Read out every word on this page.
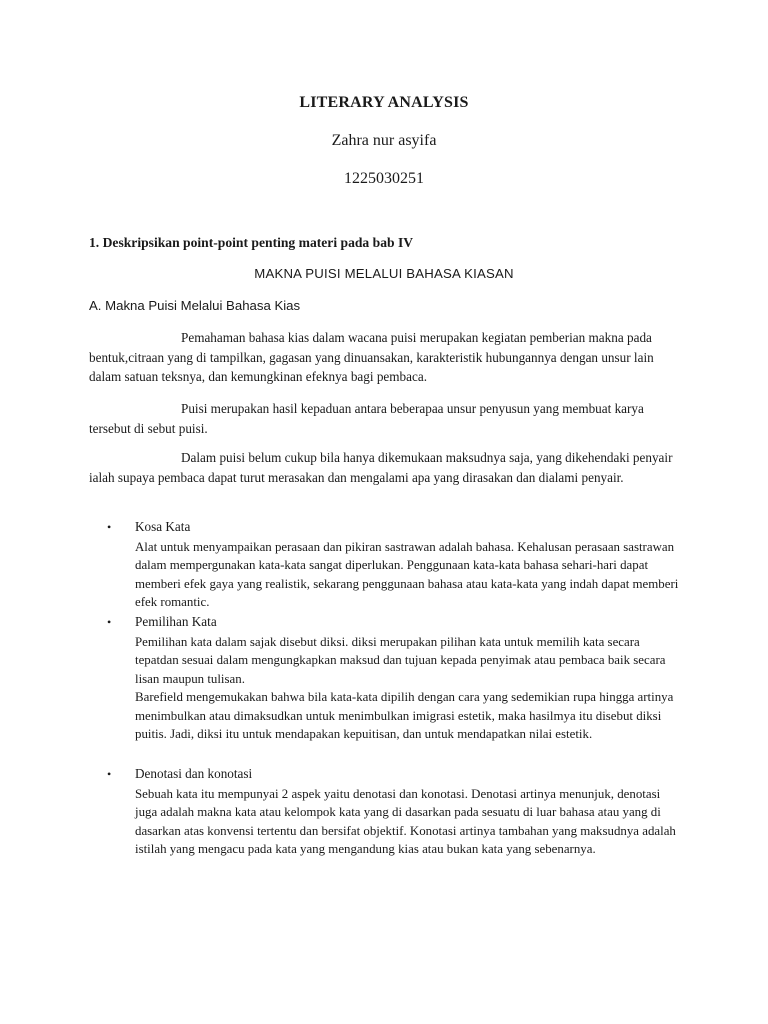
LITERARY ANALYSIS
Zahra nur asyifa
1225030251
1. Deskripsikan point-point penting materi pada bab IV
MAKNA PUISI MELALUI BAHASA KIASAN
A. Makna Puisi Melalui Bahasa Kias

Pemahaman bahasa kias dalam wacana puisi merupakan kegiatan pemberian makna pada bentuk,citraan yang di tampilkan, gagasan yang dinuansakan, karakteristik hubungannya dengan unsur lain dalam satuan teksnya, dan kemungkinan efeknya bagi pembaca.

Puisi merupakan hasil kepaduan antara beberapaa unsur penyusun yang membuat karya tersebut di sebut puisi.

Dalam puisi belum cukup bila hanya dikemukaan maksudnya saja, yang dikehendaki penyair ialah supaya pembaca dapat turut merasakan dan mengalami apa yang dirasakan dan dialami penyair.

• Kosa Kata

Alat untuk menyampaikan perasaan dan pikiran sastrawan adalah bahasa. Kehalusan perasaan sastrawan dalam mempergunakan kata-kata sangat diperlukan. Penggunaan kata-kata bahasa sehari-hari dapat memberi efek gaya yang realistik, sekarang penggunaan bahasa atau kata-kata yang indah dapat memberi efek romantic.

• Pemilihan Kata

Pemilihan kata dalam sajak disebut diksi. diksi merupakan pilihan kata untuk memilih kata secara tepatdan sesuai dalam mengungkapkan maksud dan tujuan kepada penyimak atau pembaca baik secara lisan maupun tulisan.

Barefield mengemukakan bahwa bila kata-kata dipilih dengan cara yang sedemikian rupa hingga artinya menimbulkan atau dimaksudkan untuk menimbulkan imigrasi estetik, maka hasilmya itu disebut diksi puitis. Jadi, diksi itu untuk mendapakan kepuitisan, dan untuk mendapatkan nilai estetik.

• Denotasi dan konotasi

Sebuah kata itu mempunyai 2 aspek yaitu denotasi dan konotasi. Denotasi artinya menunjuk, denotasi juga adalah makna kata atau kelompok kata yang di dasarkan pada sesuatu di luar bahasa atau yang di dasarkan atas konvensi tertentu dan bersifat objektif. Konotasi artinya tambahan yang maksudnya adalah istilah yang mengacu pada kata yang mengandung kias atau bukan kata yang sebenarnya.
